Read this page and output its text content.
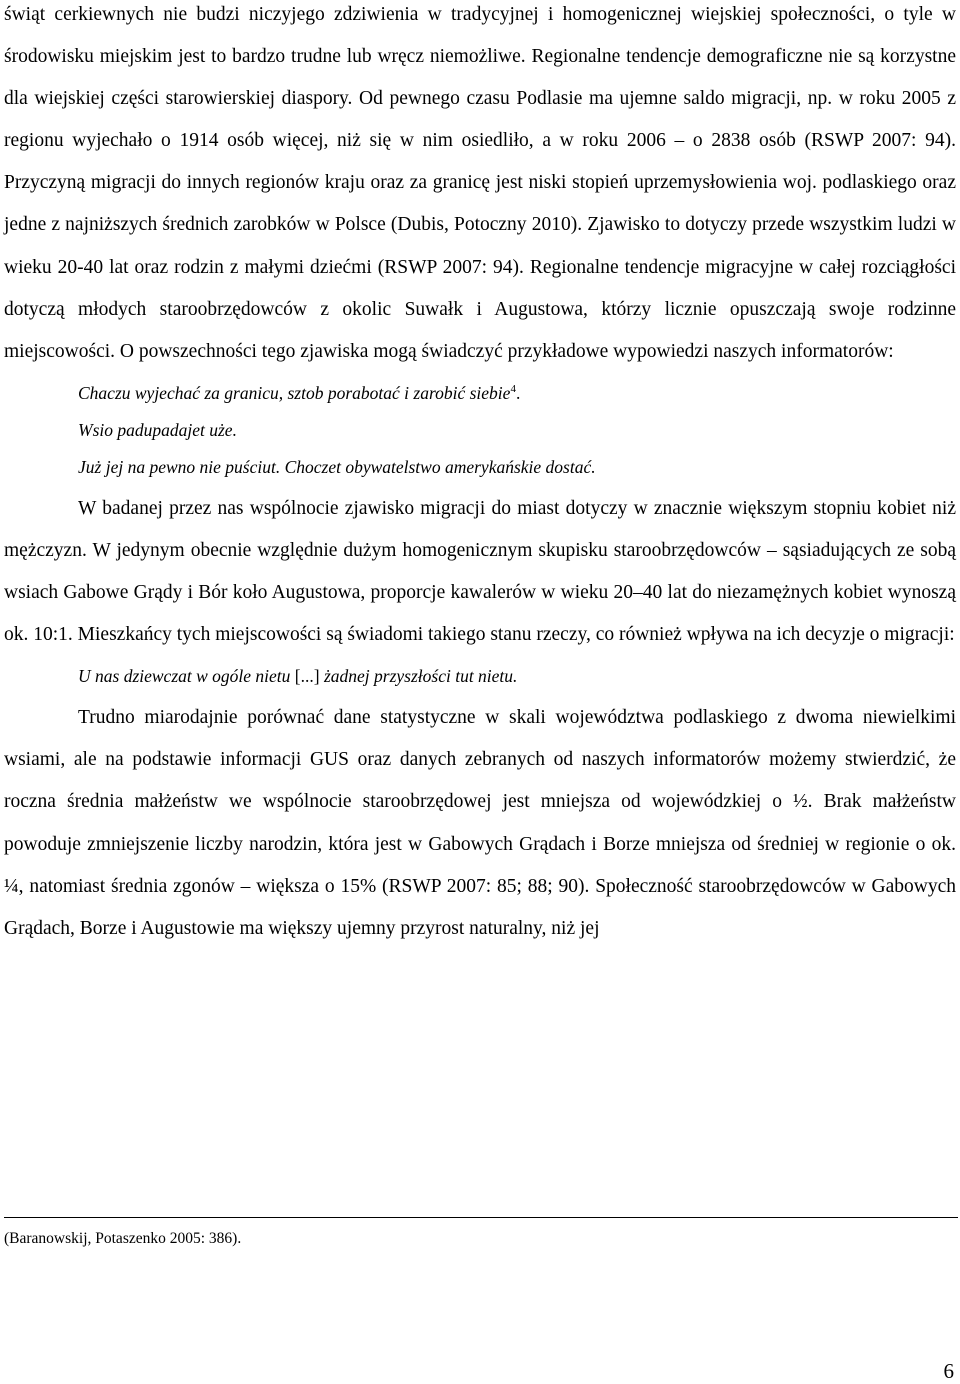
świąt cerkiewnych nie budzi niczyjego zdziwienia w tradycyjnej i homogenicznej wiejskiej społeczności, o tyle w środowisku miejskim jest to bardzo trudne lub wręcz niemożliwe. Regionalne tendencje demograficzne nie są korzystne dla wiejskiej części starowierskiej diaspory. Od pewnego czasu Podlasie ma ujemne saldo migracji, np. w roku 2005 z regionu wyjechało o 1914 osób więcej, niż się w nim osiedliło, a w roku 2006 – o 2838 osób (RSWP 2007: 94). Przyczyną migracji do innych regionów kraju oraz za granicę jest niski stopień uprzemysłowienia woj. podlaskiego oraz jedne z najniższych średnich zarobków w Polsce (Dubis, Potoczny 2010). Zjawisko to dotyczy przede wszystkim ludzi w wieku 20-40 lat oraz rodzin z małymi dziećmi (RSWP 2007: 94). Regionalne tendencje migracyjne w całej rozciągłości dotyczą młodych staroobrzędowców z okolic Suwałk i Augustowa, którzy licznie opuszczają swoje rodzinne miejscowości. O powszechności tego zjawiska mogą świadczyć przykładowe wypowiedzi naszych informatorów:

Chaczu wyjechać za granicu, sztob porabotać i zarobić siebie$^4$.

Wsio padupadajet uże.

Już jej na pewno nie puściut. Choczet obywatelstwo amerykańskie dostać.

W badanej przez nas wspólnocie zjawisko migracji do miast dotyczy w znacznie większym stopniu kobiet niż mężczyzn. W jedynym obecnie względnie dużym homogenicznym skupisku staroobrzędowców – sąsiadujących ze sobą wsiach Gabowe Grądy i Bór koło Augustowa, proporcje kawalerów w wieku 20–40 lat do niezamężnych kobiet wynoszą ok. 10:1. Mieszkańcy tych miejscowości są świadomi takiego stanu rzeczy, co również wpływa na ich decyzje o migracji:

U nas dziewczat w ogóle nietu [...] żadnej przyszłości tut nietu.

Trudno miarodajnie porównać dane statystyczne w skali województwa podlaskiego z dwoma niewielkimi wsiami, ale na podstawie informacji GUS oraz danych zebranych od naszych informatorów możemy stwierdzić, że roczna średnia małżeństw we wspólnocie staroobrzędowej jest mniejsza od wojewódzkiej o ½. Brak małżeństw powoduje zmniejszenie liczby narodzin, która jest w Gabowych Grądach i Borze mniejsza od średniej w regionie o ok. ¼, natomiast średnia zgonów – większa o 15% (RSWP 2007: 85; 88; 90). Społeczność staroobrzędowców w Gabowych Grądach, Borze i Augustowie ma większy ujemny przyrost naturalny, niż jej

(Baranowskij, Potaszenko 2005: 386).
6
